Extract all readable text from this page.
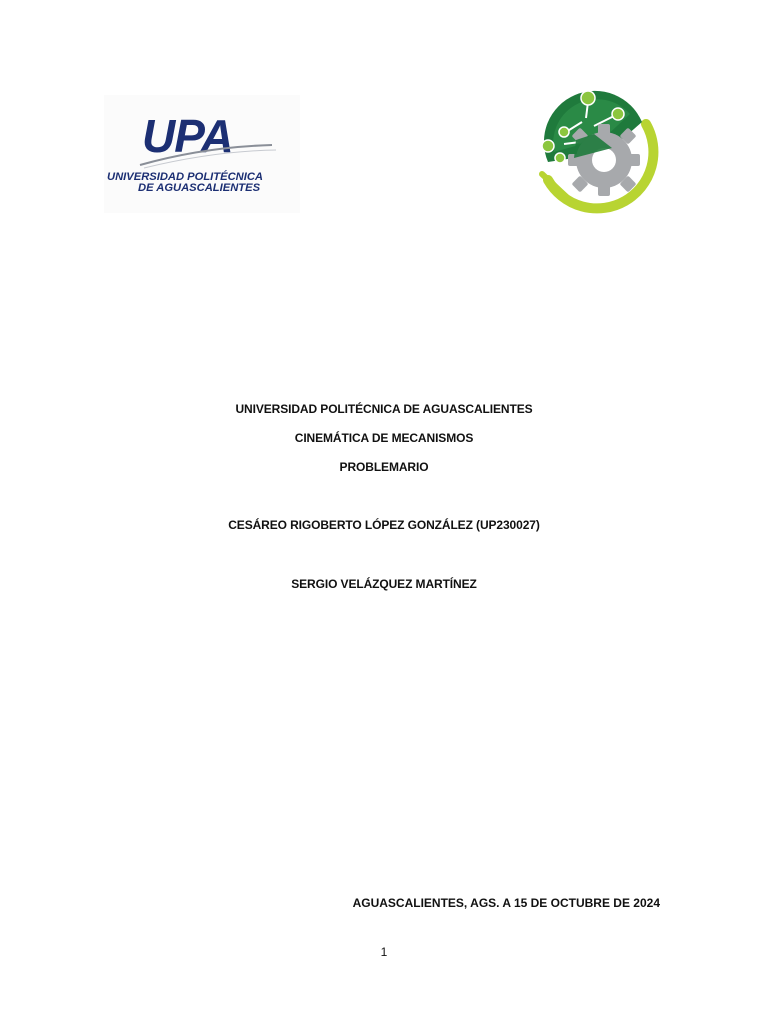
UPA
UNIVERSIDAD POLITÉCNICA
DE AGUASCALIENTES
UNIVERSIDAD POLITÉCNICA DE AGUASCALIENTES
CINEMÁTICA DE MECANISMOS
PROBLEMARIO
CESÁREO RIGOBERTO LÓPEZ GONZÁLEZ (UP230027)
SERGIO VELÁZQUEZ MARTÍNEZ
AGUASCALIENTES, AGS. A 15 DE OCTUBRE DE 2024
1
